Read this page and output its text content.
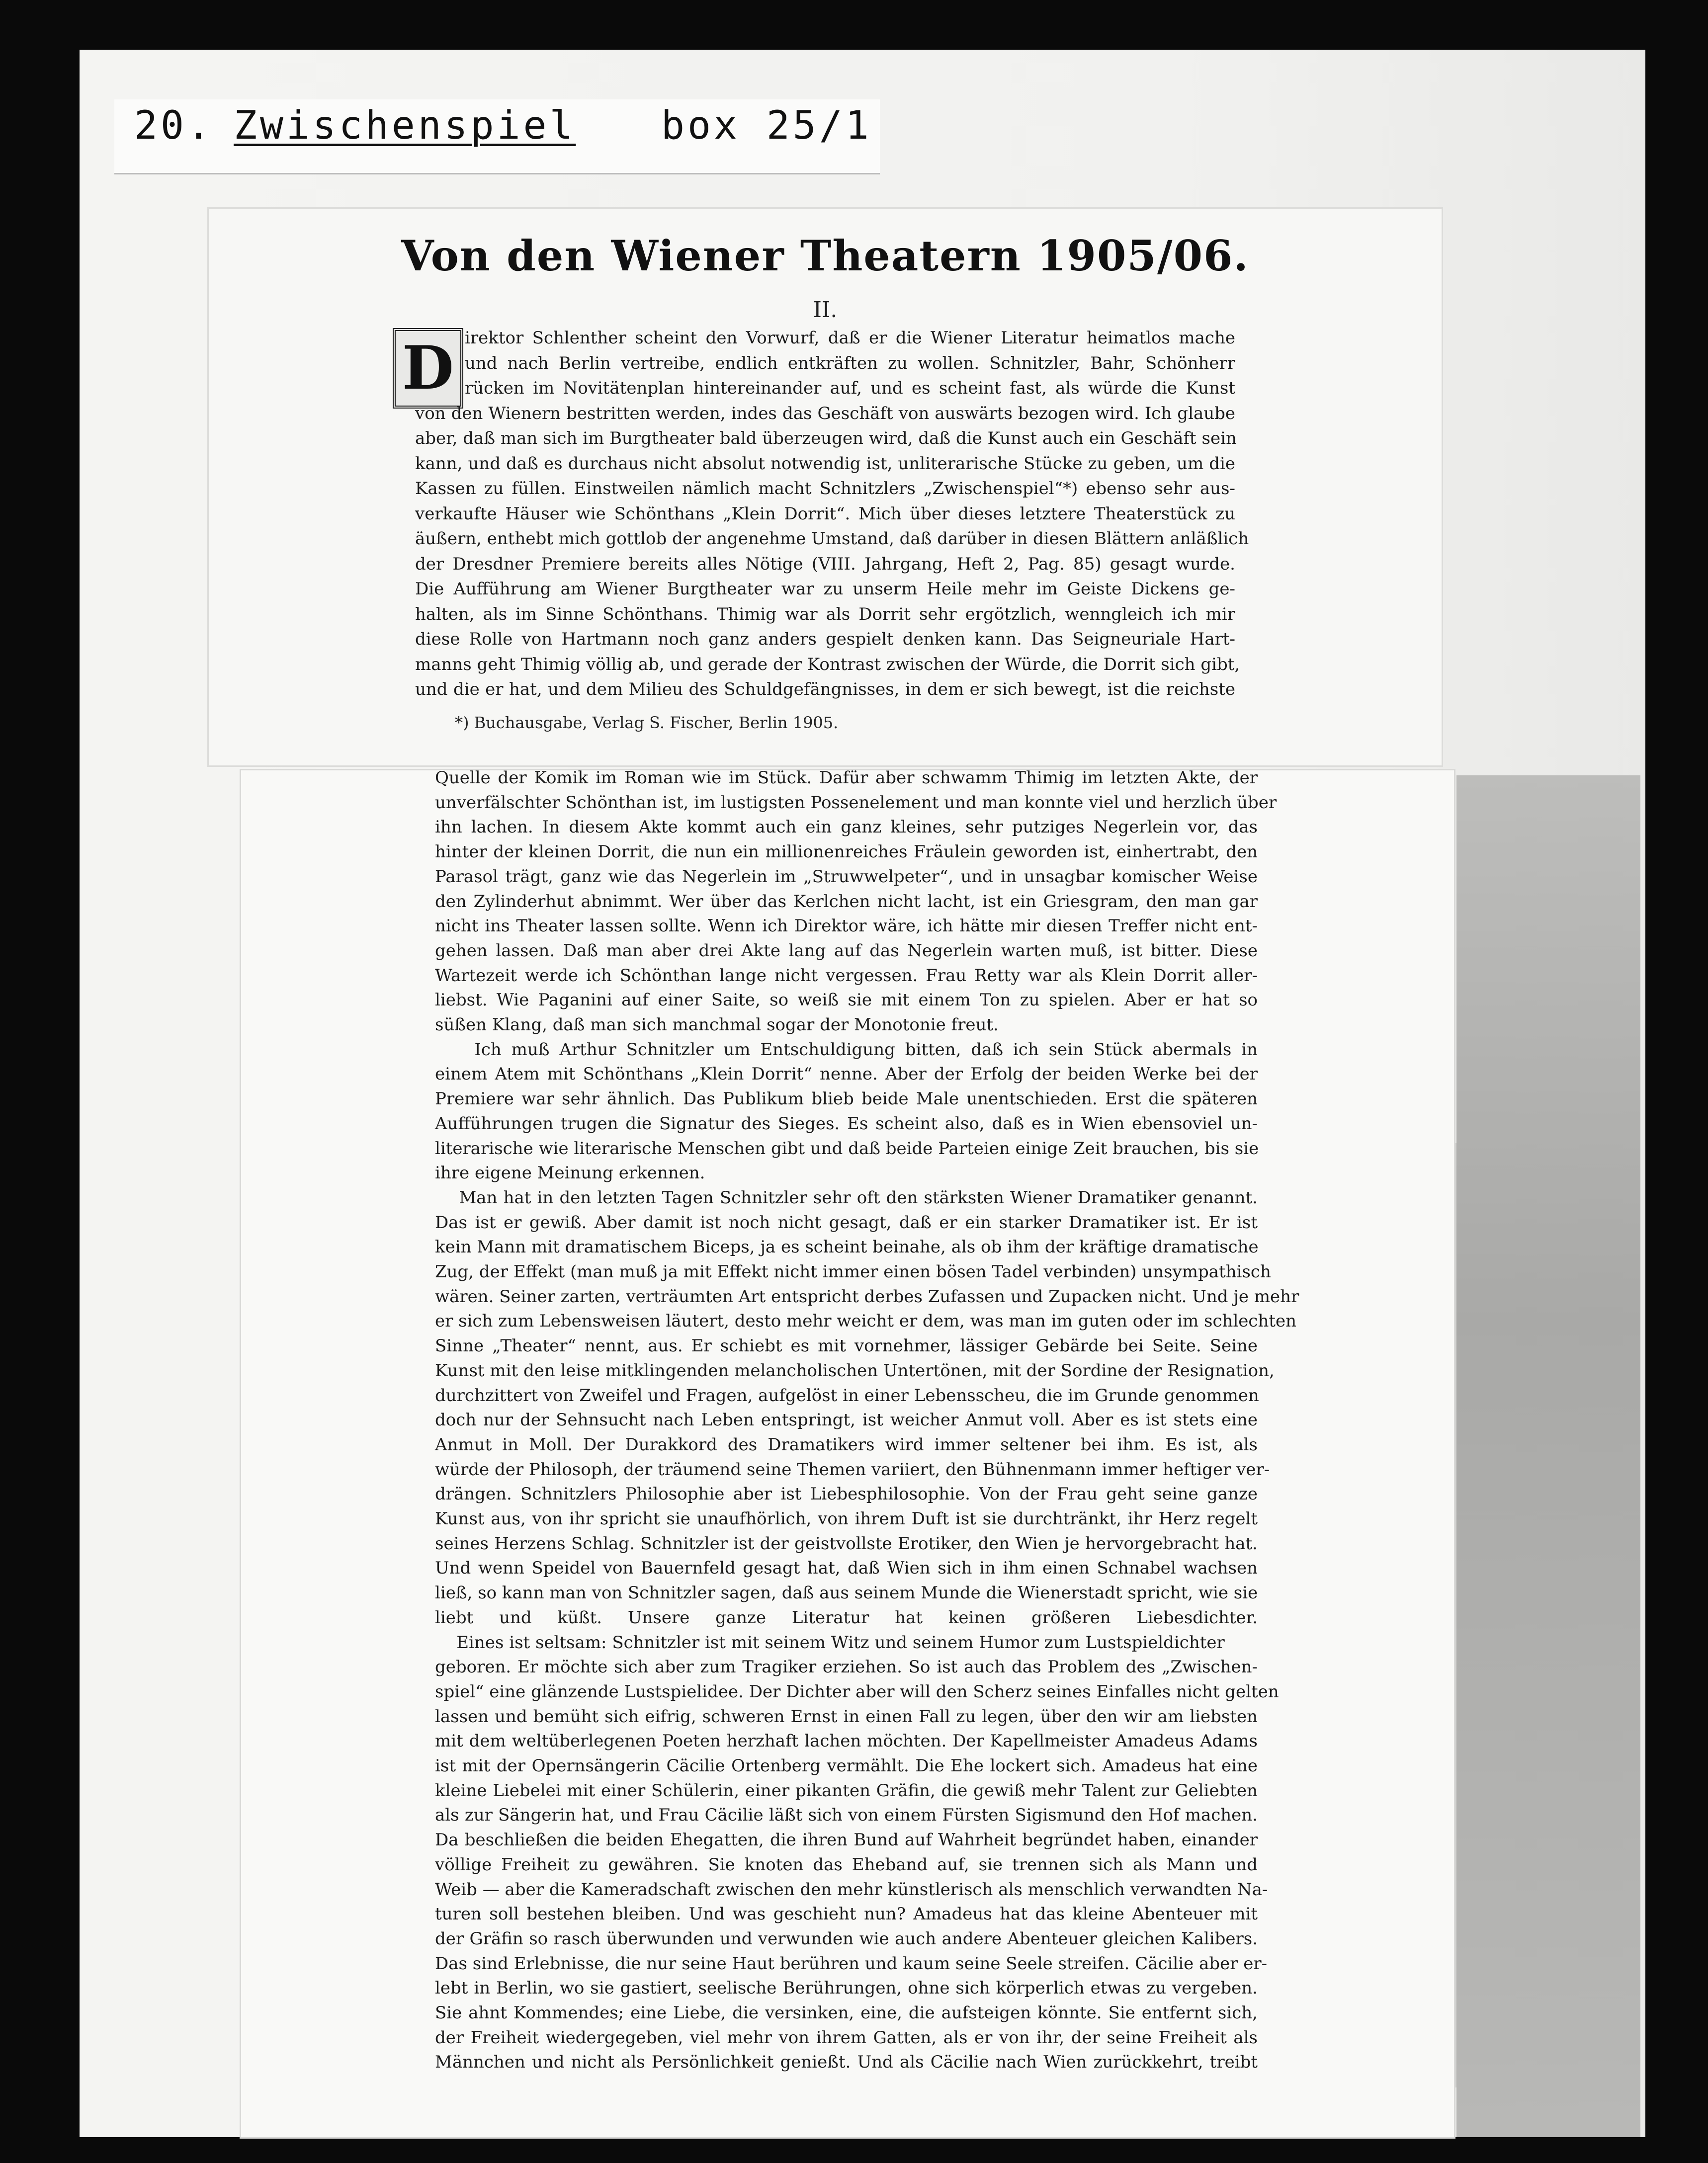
20. Zwischenspiel box 25/1
Von den Wiener Theatern 1905/06.
II.
D irektor Schlenther scheint den Vorwurf, daß er die Wiener Literatur heimatlos mache
und nach Berlin vertreibe, endlich entkräften zu wollen. Schnitzler, Bahr, Schönherr
rücken im Novitätenplan hintereinander auf, und es scheint fast, als würde die Kunst
von den Wienern bestritten werden, indes das Geschäft von auswärts bezogen wird. Ich glaube
aber, daß man sich im Burgtheater bald überzeugen wird, daß die Kunst auch ein Geschäft sein
kann, und daß es durchaus nicht absolut notwendig ist, unliterarische Stücke zu geben, um die
Kassen zu füllen. Einstweilen nämlich macht Schnitzlers „Zwischenspiel“*) ebenso sehr aus-
verkaufte Häuser wie Schönthans „Klein Dorrit“. Mich über dieses letztere Theaterstück zu
äußern, enthebt mich gottlob der angenehme Umstand, daß darüber in diesen Blättern anläßlich
der Dresdner Premiere bereits alles Nötige (VIII. Jahrgang, Heft 2, Pag. 85) gesagt wurde.
Die Aufführung am Wiener Burgtheater war zu unserm Heile mehr im Geiste Dickens ge-
halten, als im Sinne Schönthans. Thimig war als Dorrit sehr ergötzlich, wenngleich ich mir
diese Rolle von Hartmann noch ganz anders gespielt denken kann. Das Seigneuriale Hart-
manns geht Thimig völlig ab, und gerade der Kontrast zwischen der Würde, die Dorrit sich gibt,
und die er hat, und dem Milieu des Schuldgefängnisses, in dem er sich bewegt, ist die reichste
*) Buchausgabe, Verlag S. Fischer, Berlin 1905.
Quelle der Komik im Roman wie im Stück. Dafür aber schwamm Thimig im letzten Akte, der
unverfälschter Schönthan ist, im lustigsten Possenelement und man konnte viel und herzlich über
ihn lachen. In diesem Akte kommt auch ein ganz kleines, sehr putziges Negerlein vor, das
hinter der kleinen Dorrit, die nun ein millionenreiches Fräulein geworden ist, einhertrabt, den
Parasol trägt, ganz wie das Negerlein im „Struwwelpeter“, und in unsagbar komischer Weise
den Zylinderhut abnimmt. Wer über das Kerlchen nicht lacht, ist ein Griesgram, den man gar
nicht ins Theater lassen sollte. Wenn ich Direktor wäre, ich hätte mir diesen Treffer nicht ent-
gehen lassen. Daß man aber drei Akte lang auf das Negerlein warten muß, ist bitter. Diese
Wartezeit werde ich Schönthan lange nicht vergessen. Frau Retty war als Klein Dorrit aller-
liebst. Wie Paganini auf einer Saite, so weiß sie mit einem Ton zu spielen. Aber er hat so
süßen Klang, daß man sich manchmal sogar der Monotonie freut.
Ich muß Arthur Schnitzler um Entschuldigung bitten, daß ich sein Stück abermals in
einem Atem mit Schönthans „Klein Dorrit“ nenne. Aber der Erfolg der beiden Werke bei der
Premiere war sehr ähnlich. Das Publikum blieb beide Male unentschieden. Erst die späteren
Aufführungen trugen die Signatur des Sieges. Es scheint also, daß es in Wien ebensoviel un-
literarische wie literarische Menschen gibt und daß beide Parteien einige Zeit brauchen, bis sie
ihre eigene Meinung erkennen.
Man hat in den letzten Tagen Schnitzler sehr oft den stärksten Wiener Dramatiker genannt.
Das ist er gewiß. Aber damit ist noch nicht gesagt, daß er ein starker Dramatiker ist. Er ist
kein Mann mit dramatischem Biceps, ja es scheint beinahe, als ob ihm der kräftige dramatische
Zug, der Effekt (man muß ja mit Effekt nicht immer einen bösen Tadel verbinden) unsympathisch
wären. Seiner zarten, verträumten Art entspricht derbes Zufassen und Zupacken nicht. Und je mehr
er sich zum Lebensweisen läutert, desto mehr weicht er dem, was man im guten oder im schlechten
Sinne „Theater“ nennt, aus. Er schiebt es mit vornehmer, lässiger Gebärde bei Seite. Seine
Kunst mit den leise mitklingenden melancholischen Untertönen, mit der Sordine der Resignation,
durchzittert von Zweifel und Fragen, aufgelöst in einer Lebensscheu, die im Grunde genommen
doch nur der Sehnsucht nach Leben entspringt, ist weicher Anmut voll. Aber es ist stets eine
Anmut in Moll. Der Durakkord des Dramatikers wird immer seltener bei ihm. Es ist, als
würde der Philosoph, der träumend seine Themen variiert, den Bühnenmann immer heftiger ver-
drängen. Schnitzlers Philosophie aber ist Liebesphilosophie. Von der Frau geht seine ganze
Kunst aus, von ihr spricht sie unaufhörlich, von ihrem Duft ist sie durchtränkt, ihr Herz regelt
seines Herzens Schlag. Schnitzler ist der geistvollste Erotiker, den Wien je hervorgebracht hat.
Und wenn Speidel von Bauernfeld gesagt hat, daß Wien sich in ihm einen Schnabel wachsen
ließ, so kann man von Schnitzler sagen, daß aus seinem Munde die Wienerstadt spricht, wie sie
liebt und küßt. Unsere ganze Literatur hat keinen größeren Liebesdichter.
Eines ist seltsam: Schnitzler ist mit seinem Witz und seinem Humor zum Lustspieldichter
geboren. Er möchte sich aber zum Tragiker erziehen. So ist auch das Problem des „Zwischen-
spiel“ eine glänzende Lustspielidee. Der Dichter aber will den Scherz seines Einfalles nicht gelten
lassen und bemüht sich eifrig, schweren Ernst in einen Fall zu legen, über den wir am liebsten
mit dem weltüberlegenen Poeten herzhaft lachen möchten. Der Kapellmeister Amadeus Adams
ist mit der Opernsängerin Cäcilie Ortenberg vermählt. Die Ehe lockert sich. Amadeus hat eine
kleine Liebelei mit einer Schülerin, einer pikanten Gräfin, die gewiß mehr Talent zur Geliebten
als zur Sängerin hat, und Frau Cäcilie läßt sich von einem Fürsten Sigismund den Hof machen.
Da beschließen die beiden Ehegatten, die ihren Bund auf Wahrheit begründet haben, einander
völlige Freiheit zu gewähren. Sie knoten das Eheband auf, sie trennen sich als Mann und
Weib — aber die Kameradschaft zwischen den mehr künstlerisch als menschlich verwandten Na-
turen soll bestehen bleiben. Und was geschieht nun? Amadeus hat das kleine Abenteuer mit
der Gräfin so rasch überwunden und verwunden wie auch andere Abenteuer gleichen Kalibers.
Das sind Erlebnisse, die nur seine Haut berühren und kaum seine Seele streifen. Cäcilie aber er-
lebt in Berlin, wo sie gastiert, seelische Berührungen, ohne sich körperlich etwas zu vergeben.
Sie ahnt Kommendes; eine Liebe, die versinken, eine, die aufsteigen könnte. Sie entfernt sich,
der Freiheit wiedergegeben, viel mehr von ihrem Gatten, als er von ihr, der seine Freiheit als
Männchen und nicht als Persönlichkeit genießt. Und als Cäcilie nach Wien zurückkehrt, treibt
